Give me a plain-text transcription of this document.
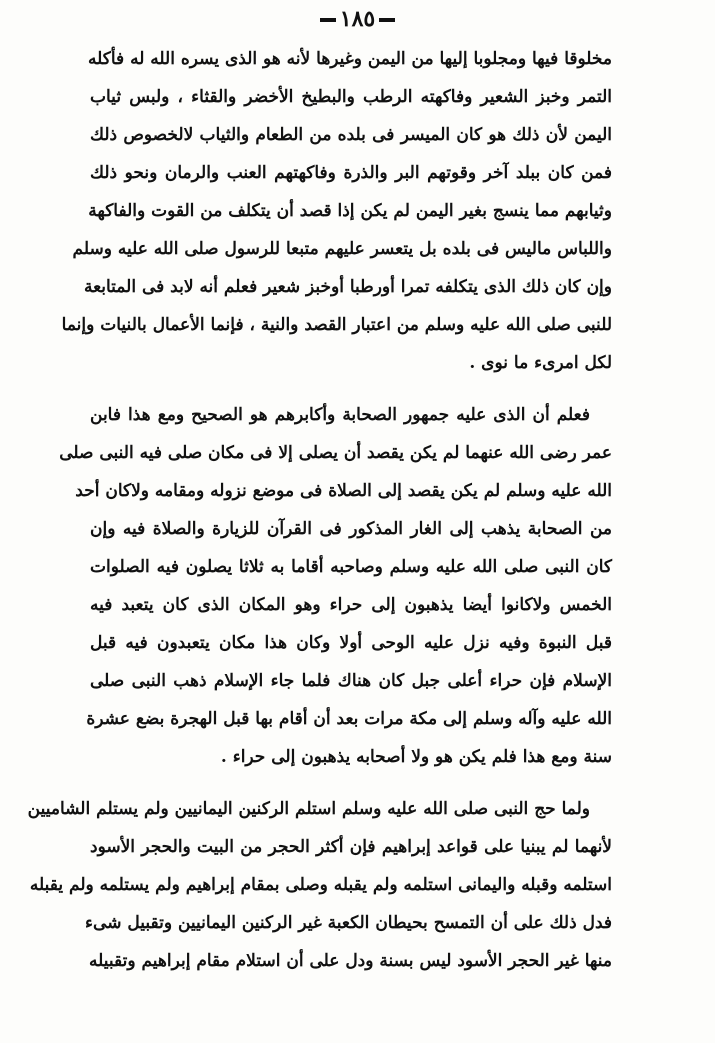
١٨٥
مخلوقا فيها ومجلوبا إليها من اليمن وغيرها لأنه هو الذى يسره الله له فأكله
التمر وخبز الشعير وفاكهته الرطب والبطيخ الأخضر والقثاء ، ولبس ثياب
اليمن لأن ذلك هو كان الميسر فى بلده من الطعام والثياب لالخصوص ذلك
فمن كان ببلد آخر وقوتهم البر والذرة وفاكهتهم العنب والرمان ونحو ذلك
وثيابهم مما ينسج بغير اليمن لم يكن إذا قصد أن يتكلف من القوت والفاكهة
واللباس ماليس فى بلده بل يتعسر عليهم متبعا للرسول صلى الله عليه وسلم
وإن كان ذلك الذى يتكلفه تمرا أورطبا أوخبز شعير فعلم أنه لابد فى المتابعة
للنبى صلى الله عليه وسلم من اعتبار القصد والنية ، فإنما الأعمال بالنيات وإنما
لكل امرىء ما نوى .
فعلم أن الذى عليه جمهور الصحابة وأكابرهم هو الصحيح ومع هذا فابن
عمر رضى الله عنهما لم يكن يقصد أن يصلى إلا فى مكان صلى فيه النبى صلى
الله عليه وسلم لم يكن يقصد إلى الصلاة فى موضع نزوله ومقامه ولاكان أحد
من الصحابة يذهب إلى الغار المذكور فى القرآن للزيارة والصلاة فيه وإن
كان النبى صلى الله عليه وسلم وصاحبه أقاما به ثلاثا يصلون فيه الصلوات
الخمس ولاكانوا أيضا يذهبون إلى حراء وهو المكان الذى كان يتعبد فيه
قبل النبوة وفيه نزل عليه الوحى أولا وكان هذا مكان يتعبدون فيه قبل
الإسلام فإن حراء أعلى جبل كان هناك فلما جاء الإسلام ذهب النبى صلى
الله عليه وآله وسلم إلى مكة مرات بعد أن أقام بها قبل الهجرة بضع عشرة
سنة ومع هذا فلم يكن هو ولا أصحابه يذهبون إلى حراء .
ولما حج النبى صلى الله عليه وسلم استلم الركنين اليمانيين ولم يستلم الشاميين
لأنهما لم يبنيا على قواعد إبراهيم فإن أكثر الحجر من البيت والحجر الأسود
استلمه وقبله واليمانى استلمه ولم يقبله وصلى بمقام إبراهيم ولم يستلمه ولم يقبله
فدل ذلك على أن التمسح بحيطان الكعبة غير الركنين اليمانيين وتقبيل شىء
منها غير الحجر الأسود ليس بسنة ودل على أن استلام مقام إبراهيم وتقبيله
